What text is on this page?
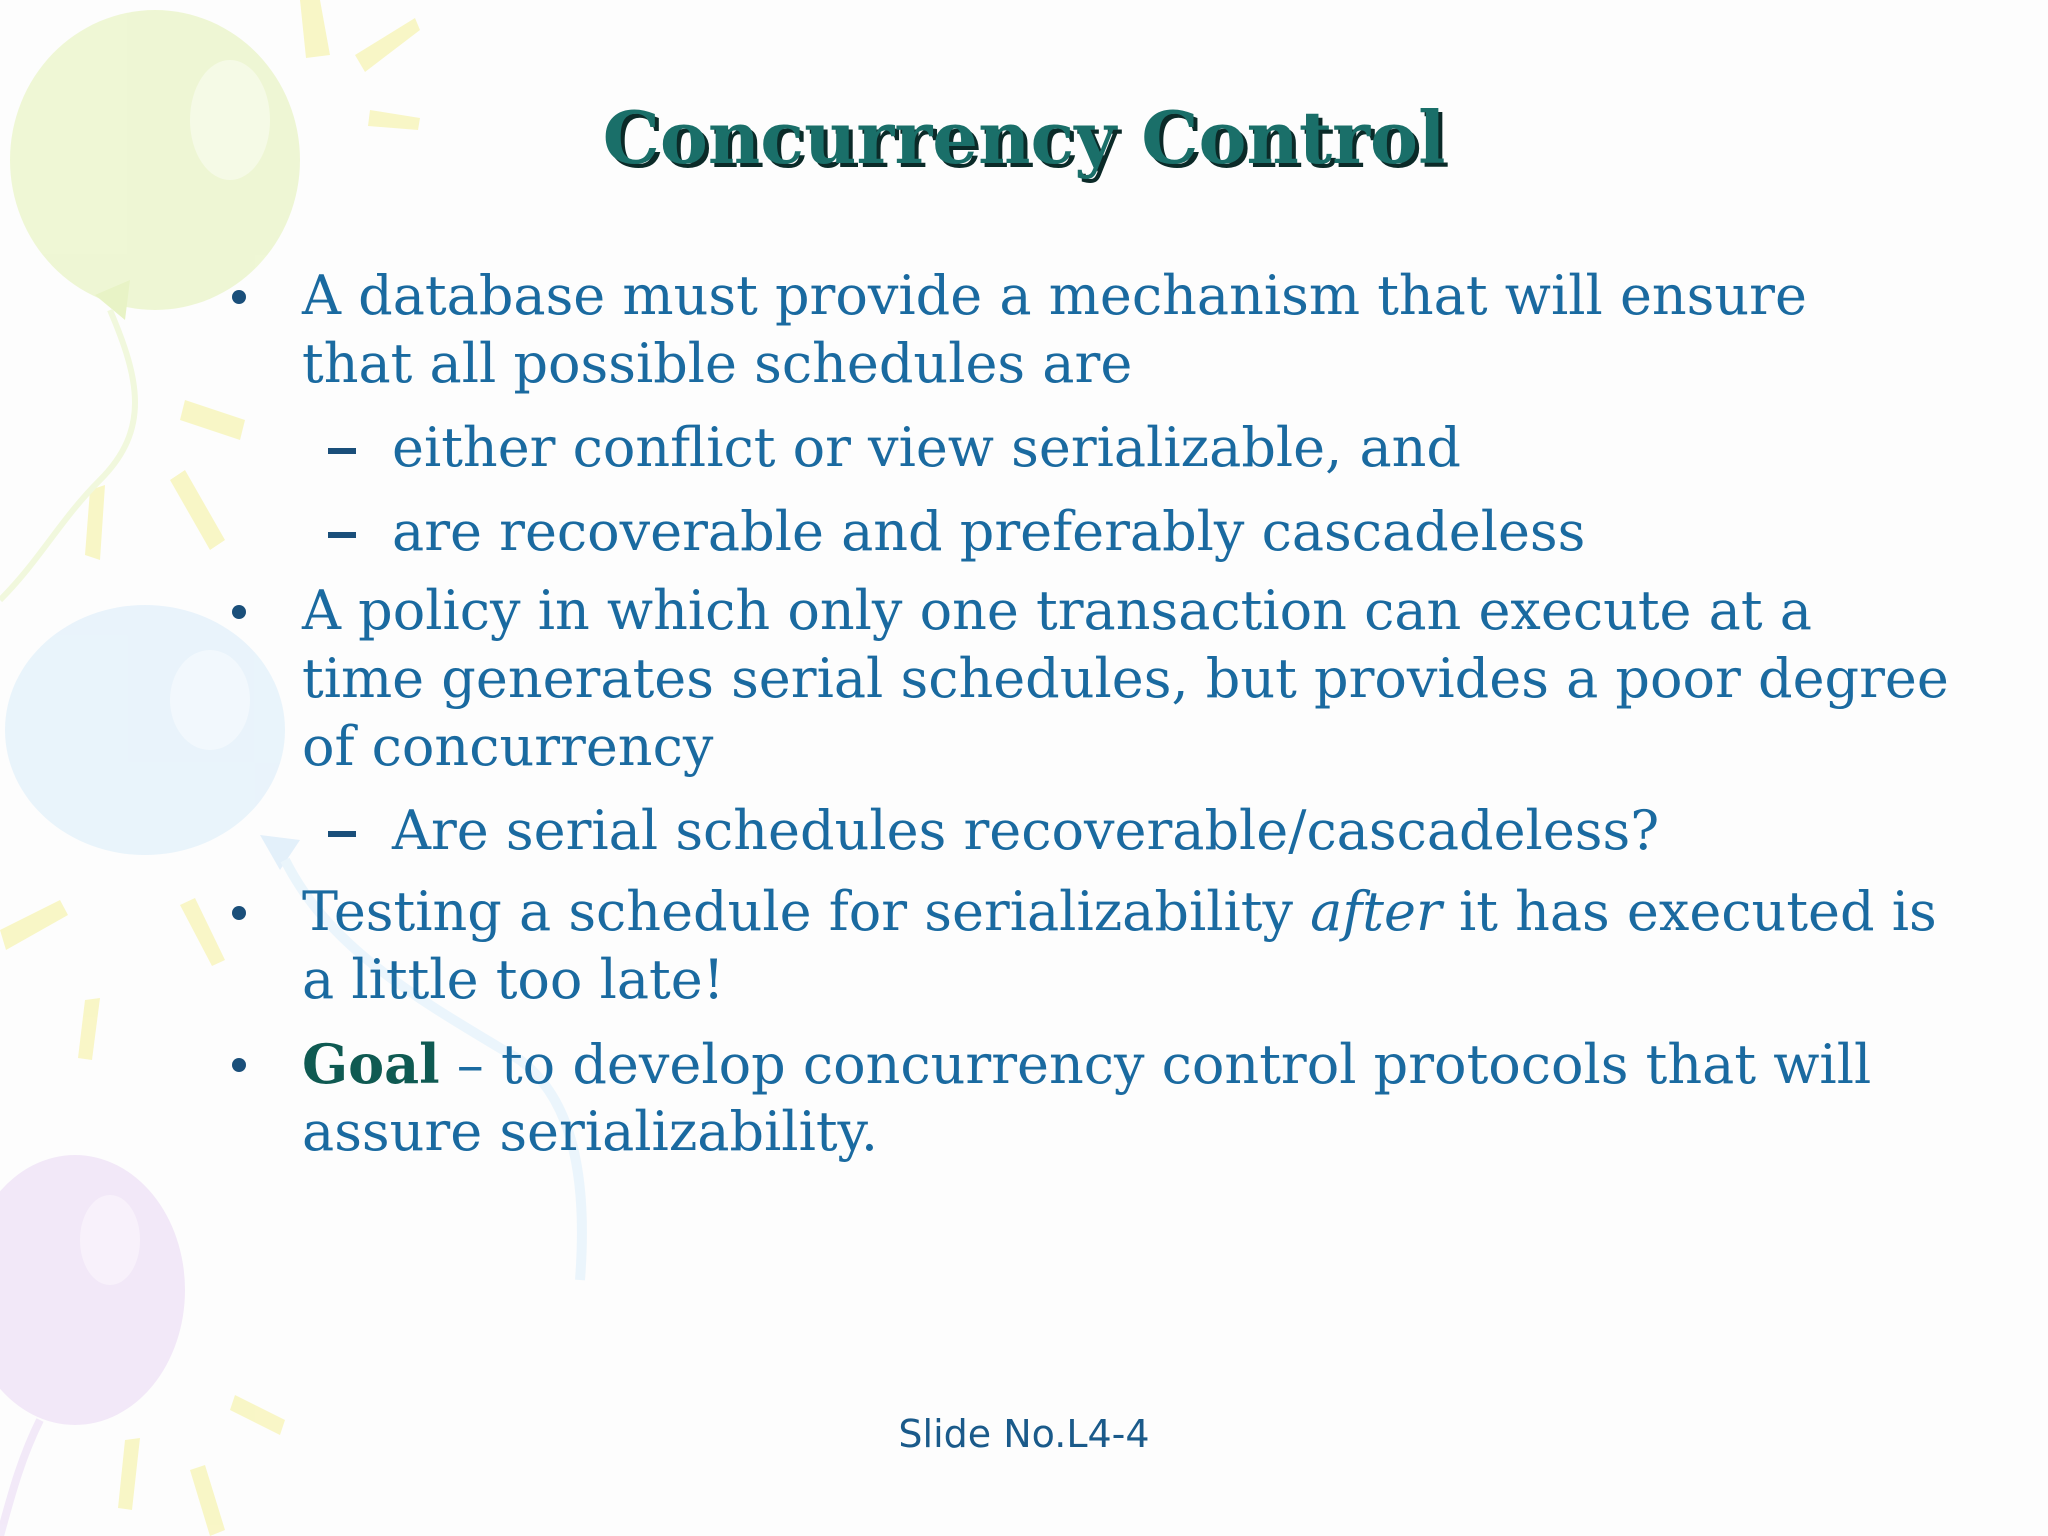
Concurrency Control

A database must provide a mechanism that will ensure

that all possible schedules are

either conflict or view serializable, and

are recoverable and preferably cascadeless

A policy in which only one transaction can execute at a

time generates serial schedules, but provides a poor degree

of concurrency

Are serial schedules recoverable/cascadeless?

Testing a schedule for serializability after it has executed is

a little too late!

Goal – to develop concurrency control protocols that will

assure serializability.

Slide No.L4-4
